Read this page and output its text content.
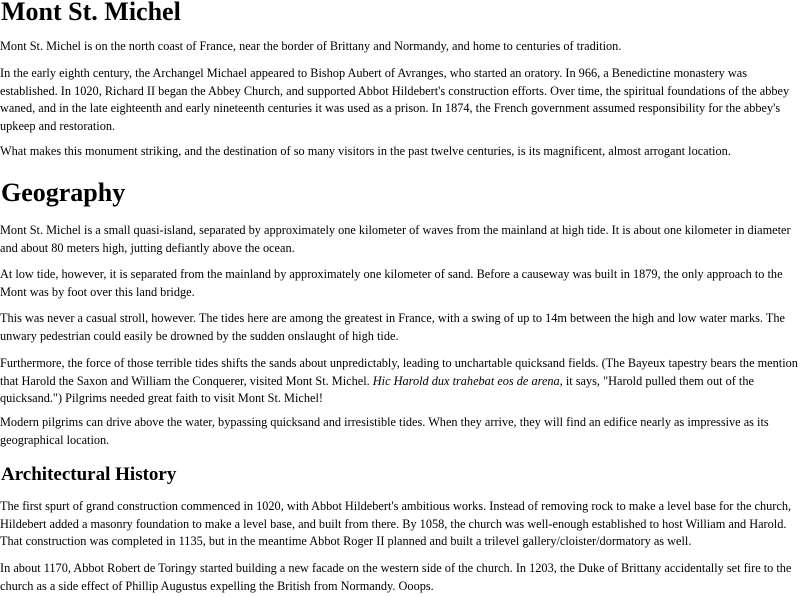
Mont St. Michel

Mont St. Michel is on the north coast of France, near the border of Brittany and Normandy, and home to centuries of tradition.

In the early eighth century, the Archangel Michael appeared to Bishop Aubert of Avranges, who started an oratory. In 966, a Benedictine monastery was established. In 1020, Richard II began the Abbey Church, and supported Abbot Hildebert's construction efforts. Over time, the spiritual foundations of the abbey waned, and in the late eighteenth and early nineteenth centuries it was used as a prison. In 1874, the French government assumed responsibility for the abbey's upkeep and restoration.

What makes this monument striking, and the destination of so many visitors in the past twelve centuries, is its magnificent, almost arrogant location.

Geography

Mont St. Michel is a small quasi-island, separated by approximately one kilometer of waves from the mainland at high tide. It is about one kilometer in diameter and about 80 meters high, jutting defiantly above the ocean.

At low tide, however, it is separated from the mainland by approximately one kilometer of sand. Before a causeway was built in 1879, the only approach to the Mont was by foot over this land bridge.

This was never a casual stroll, however. The tides here are among the greatest in France, with a swing of up to 14m between the high and low water marks. The unwary pedestrian could easily be drowned by the sudden onslaught of high tide.

Furthermore, the force of those terrible tides shifts the sands about unpredictably, leading to unchartable quicksand fields. (The Bayeux tapestry bears the mention that Harold the Saxon and William the Conquerer, visited Mont St. Michel. Hic Harold dux trahebat eos de arena, it says, "Harold pulled them out of the quicksand.") Pilgrims needed great faith to visit Mont St. Michel!

Modern pilgrims can drive above the water, bypassing quicksand and irresistible tides. When they arrive, they will find an edifice nearly as impressive as its geographical location.

Architectural History

The first spurt of grand construction commenced in 1020, with Abbot Hildebert's ambitious works. Instead of removing rock to make a level base for the church, Hildebert added a masonry foundation to make a level base, and built from there. By 1058, the church was well-enough established to host William and Harold. That construction was completed in 1135, but in the meantime Abbot Roger II planned and built a trilevel gallery/cloister/dormatory as well.

In about 1170, Abbot Robert de Toringy started building a new facade on the western side of the church. In 1203, the Duke of Brittany accidentally set fire to the church as a side effect of Phillip Augustus expelling the British from Normandy. Ooops.
